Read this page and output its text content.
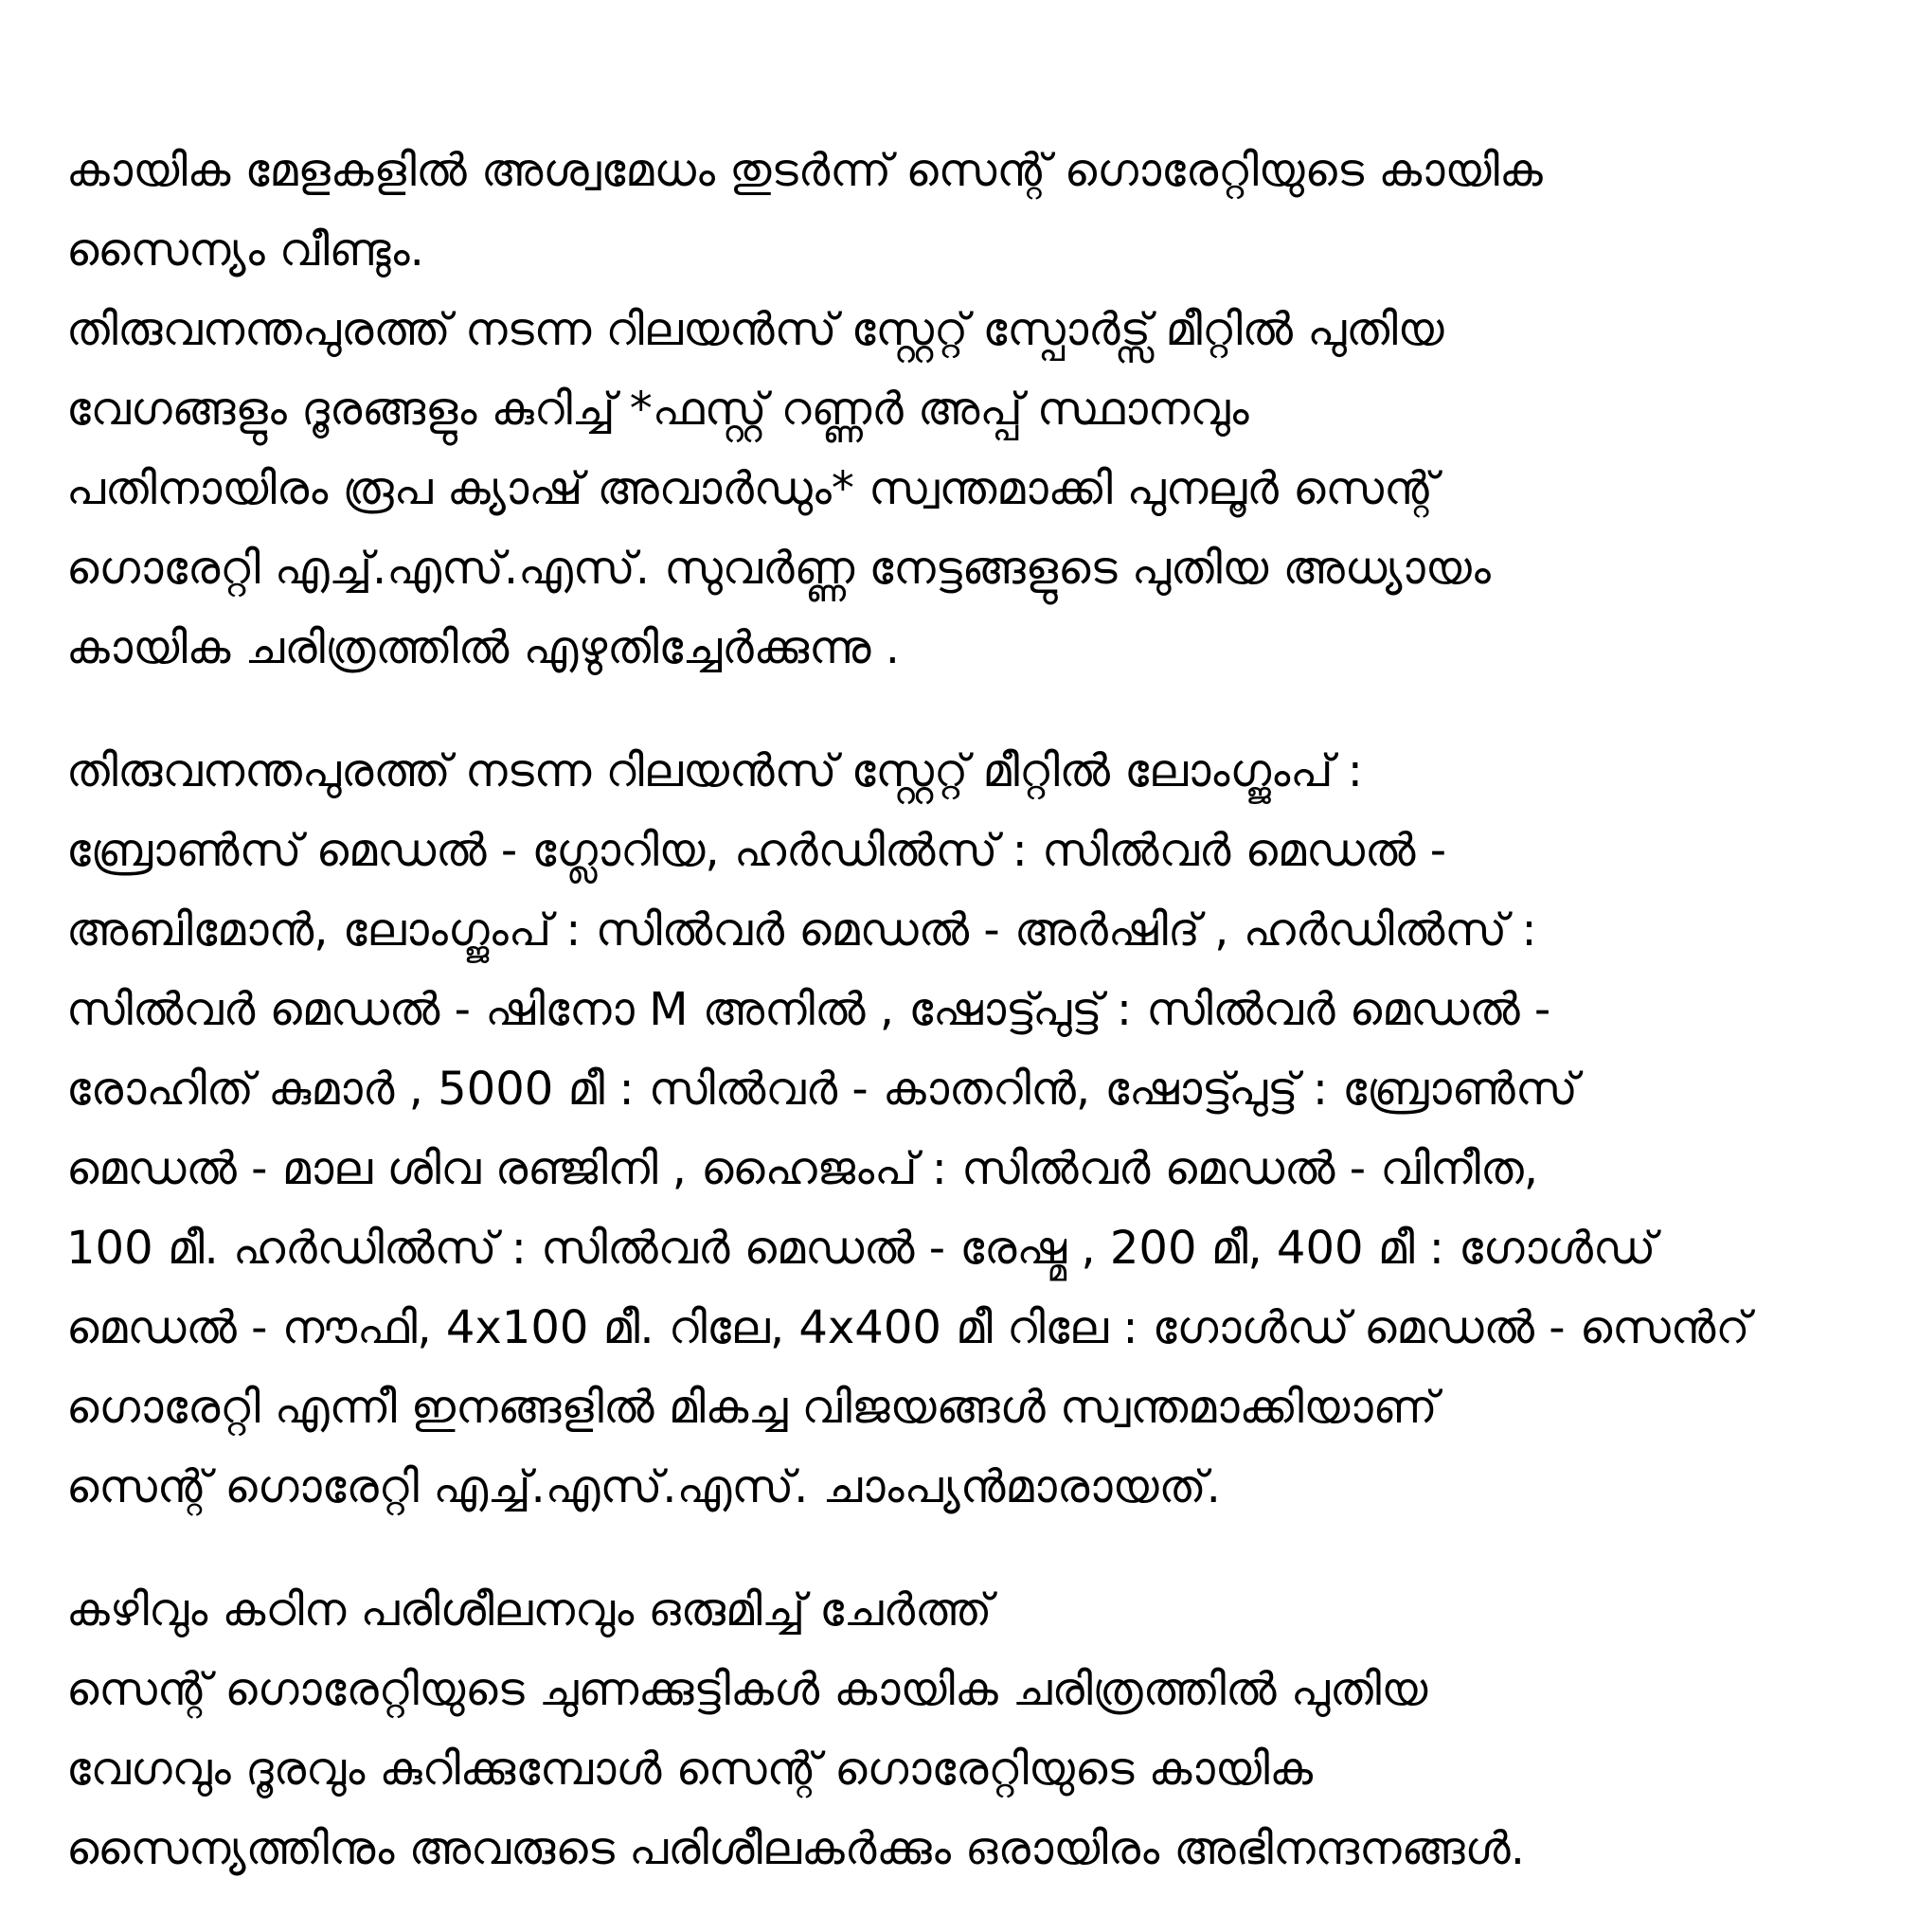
കായിക മേളകളിൽ അശ്വമേധം തുടർന്ന് സെന്റ് ഗൊരേറ്റിയുടെ കായിക
സൈന്യം വീണ്ടും.
തിരുവനന്തപുരത്ത് നടന്ന റിലയൻസ് സ്റ്റേറ്റ് സ്പോർട്സ് മീറ്റിൽ പുതിയ
വേഗങ്ങളും ദൂരങ്ങളും കുറിച്ച് *ഫസ്റ്റ് റണ്ണർ അപ്പ് സ്ഥാനവും
പതിനായിരം രൂപ ക്യാഷ് അവാർഡും* സ്വന്തമാക്കി പുനലൂർ സെന്റ്
ഗൊരേറ്റി എച്ച്.എസ്.എസ്. സുവർണ്ണ നേട്ടങ്ങളുടെ പുതിയ അധ്യായം
കായിക ചരിത്രത്തിൽ എഴുതിച്ചേർക്കുന്നു .
തിരുവനന്തപുരത്ത് നടന്ന റിലയൻസ് സ്റ്റേറ്റ് മീറ്റിൽ ലോംഗ്ജംപ് :
ബ്രോൺസ് മെഡൽ - ഗ്ലോറിയ, ഹർഡിൽസ് : സിൽവർ മെഡൽ -
അബിമോൻ, ലോംഗ്ജംപ് : സിൽവർ മെഡൽ - അർഷിദ് , ഹർഡിൽസ് :
സിൽവർ മെഡൽ - ഷിനോ M അനിൽ , ഷോട്ട്പുട്ട് : സിൽവർ മെഡൽ -
രോഹിത് കുമാർ , 5000 മീ : സിൽവർ - കാതറിൻ, ഷോട്ട്പുട്ട് : ബ്രോൺസ്
മെഡൽ - മാല ശിവ രഞ്ജിനി , ഹൈജംപ് : സിൽവർ മെഡൽ - വിനീത,
100 മീ. ഹർഡിൽസ് : സിൽവർ മെഡൽ - രേഷ്മ , 200 മീ, 400 മീ : ഗോൾഡ്
മെഡൽ - നൗഫി, 4x100 മീ. റിലേ, 4x400 മീ റിലേ : ഗോൾഡ് മെഡൽ - സെൻറ്
ഗൊരേറ്റി എന്നീ ഇനങ്ങളിൽ മികച്ച വിജയങ്ങൾ സ്വന്തമാക്കിയാണ്
സെന്റ് ഗൊരേറ്റി എച്ച്.എസ്.എസ്. ചാംപ്യൻമാരായത്.
കഴിവും കഠിന പരിശീലനവും ഒരുമിച്ച് ചേർത്ത്
സെന്റ് ഗൊരേറ്റിയുടെ ചുണക്കുട്ടികൾ കായിക ചരിത്രത്തിൽ പുതിയ
വേഗവും ദൂരവും കുറിക്കുമ്പോൾ സെന്റ് ഗൊരേറ്റിയുടെ കായിക
സൈന്യത്തിനും അവരുടെ പരിശീലകർക്കും ഒരായിരം അഭിനന്ദനങ്ങൾ.
